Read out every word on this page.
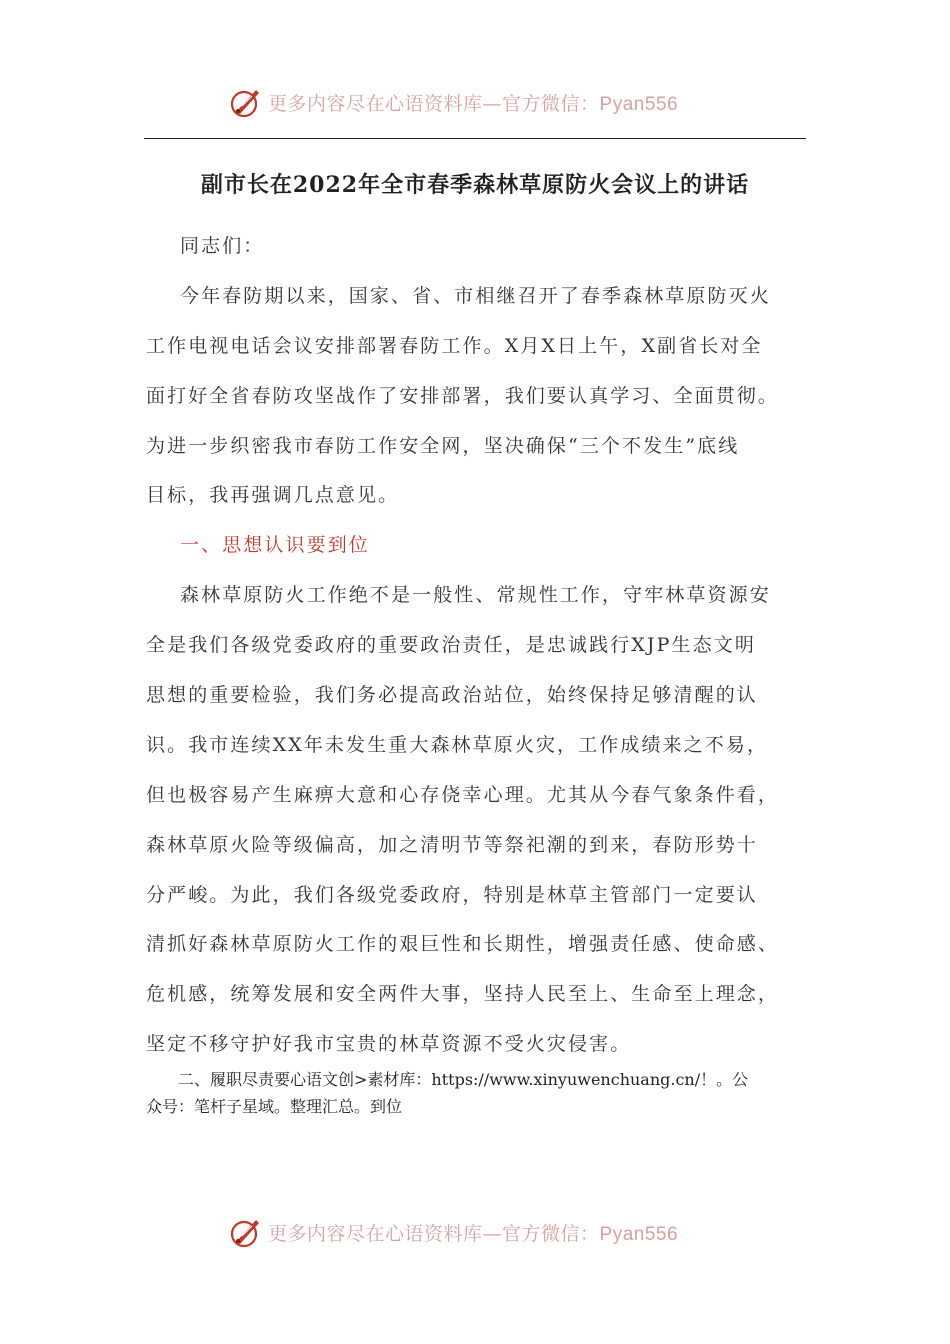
更多内容尽在心语资料库—官方微信：Pyan556
副市长在2022年全市春季森林草原防火会议上的讲话
同志们：
今年春防期以来，国家、省、市相继召开了春季森林草原防灭火
工作电视电话会议安排部署春防工作。X月X日上午，X副省长对全
面打好全省春防攻坚战作了安排部署，我们要认真学习、全面贯彻。
为进一步织密我市春防工作安全网，坚决确保“三个不发生”底线
目标，我再强调几点意见。
一、思想认识要到位
森林草原防火工作绝不是一般性、常规性工作，守牢林草资源安
全是我们各级党委政府的重要政治责任，是忠诚践行XJP生态文明
思想的重要检验，我们务必提高政治站位，始终保持足够清醒的认
识。我市连续XX年未发生重大森林草原火灾，工作成绩来之不易，
但也极容易产生麻痹大意和心存侥幸心理。尤其从今春气象条件看，
森林草原火险等级偏高，加之清明节等祭祀潮的到来，春防形势十
分严峻。为此，我们各级党委政府，特别是林草主管部门一定要认
清抓好森林草原防火工作的艰巨性和长期性，增强责任感、使命感、
危机感，统筹发展和安全两件大事，坚持人民至上、生命至上理念，
坚定不移守护好我市宝贵的林草资源不受火灾侵害。
二、履职尽责要心语文创>素材库：https://www.xinyuwenchuang.cn/！。公
众号：笔杆子星域。整理汇总。到位
更多内容尽在心语资料库—官方微信：Pyan556
